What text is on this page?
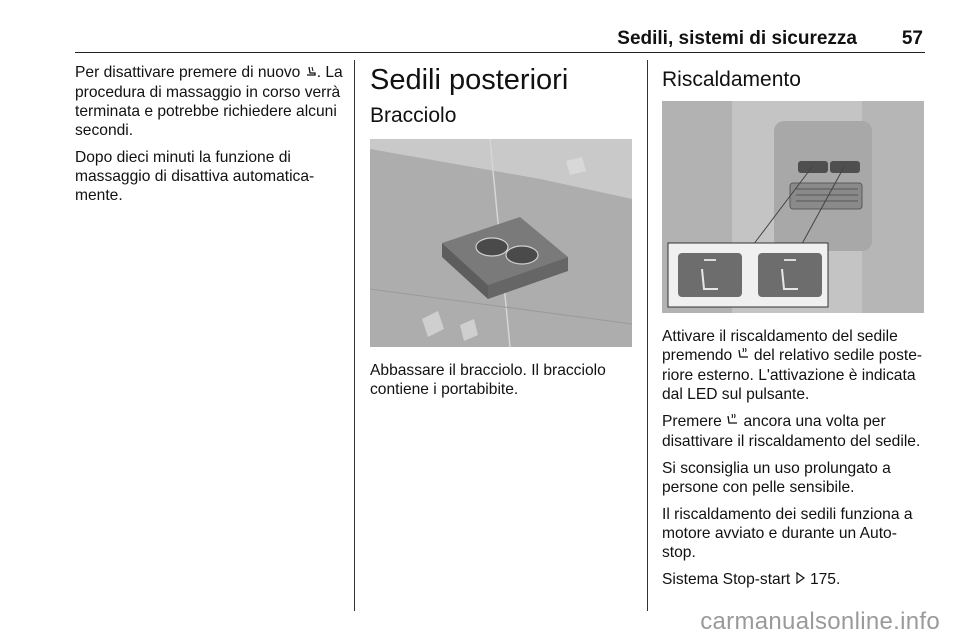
Sedili, sistemi di sicurezza 57

Per disattivare premere di nuovo . La procedura di massaggio in corso verrà terminata e potrebbe richiedere alcuni secondi.

Dopo dieci minuti la funzione di massaggio di disattiva automatica‐mente.

Sedili posteriori
Bracciolo

Abbassare il bracciolo. Il bracciolo contiene i portabibite.

Riscaldamento

Attivare il riscaldamento del sedile premendo del relativo sedile poste‐riore esterno. L'attivazione è indicata dal LED sul pulsante.

Premere ancora una volta per disattivare il riscaldamento del sedile.

Si sconsiglia un uso prolungato a persone con pelle sensibile.

Il riscaldamento dei sedili funziona a motore avviato e durante un Auto-stop.

Sistema Stop-start 175.

carmanualsonline.info
